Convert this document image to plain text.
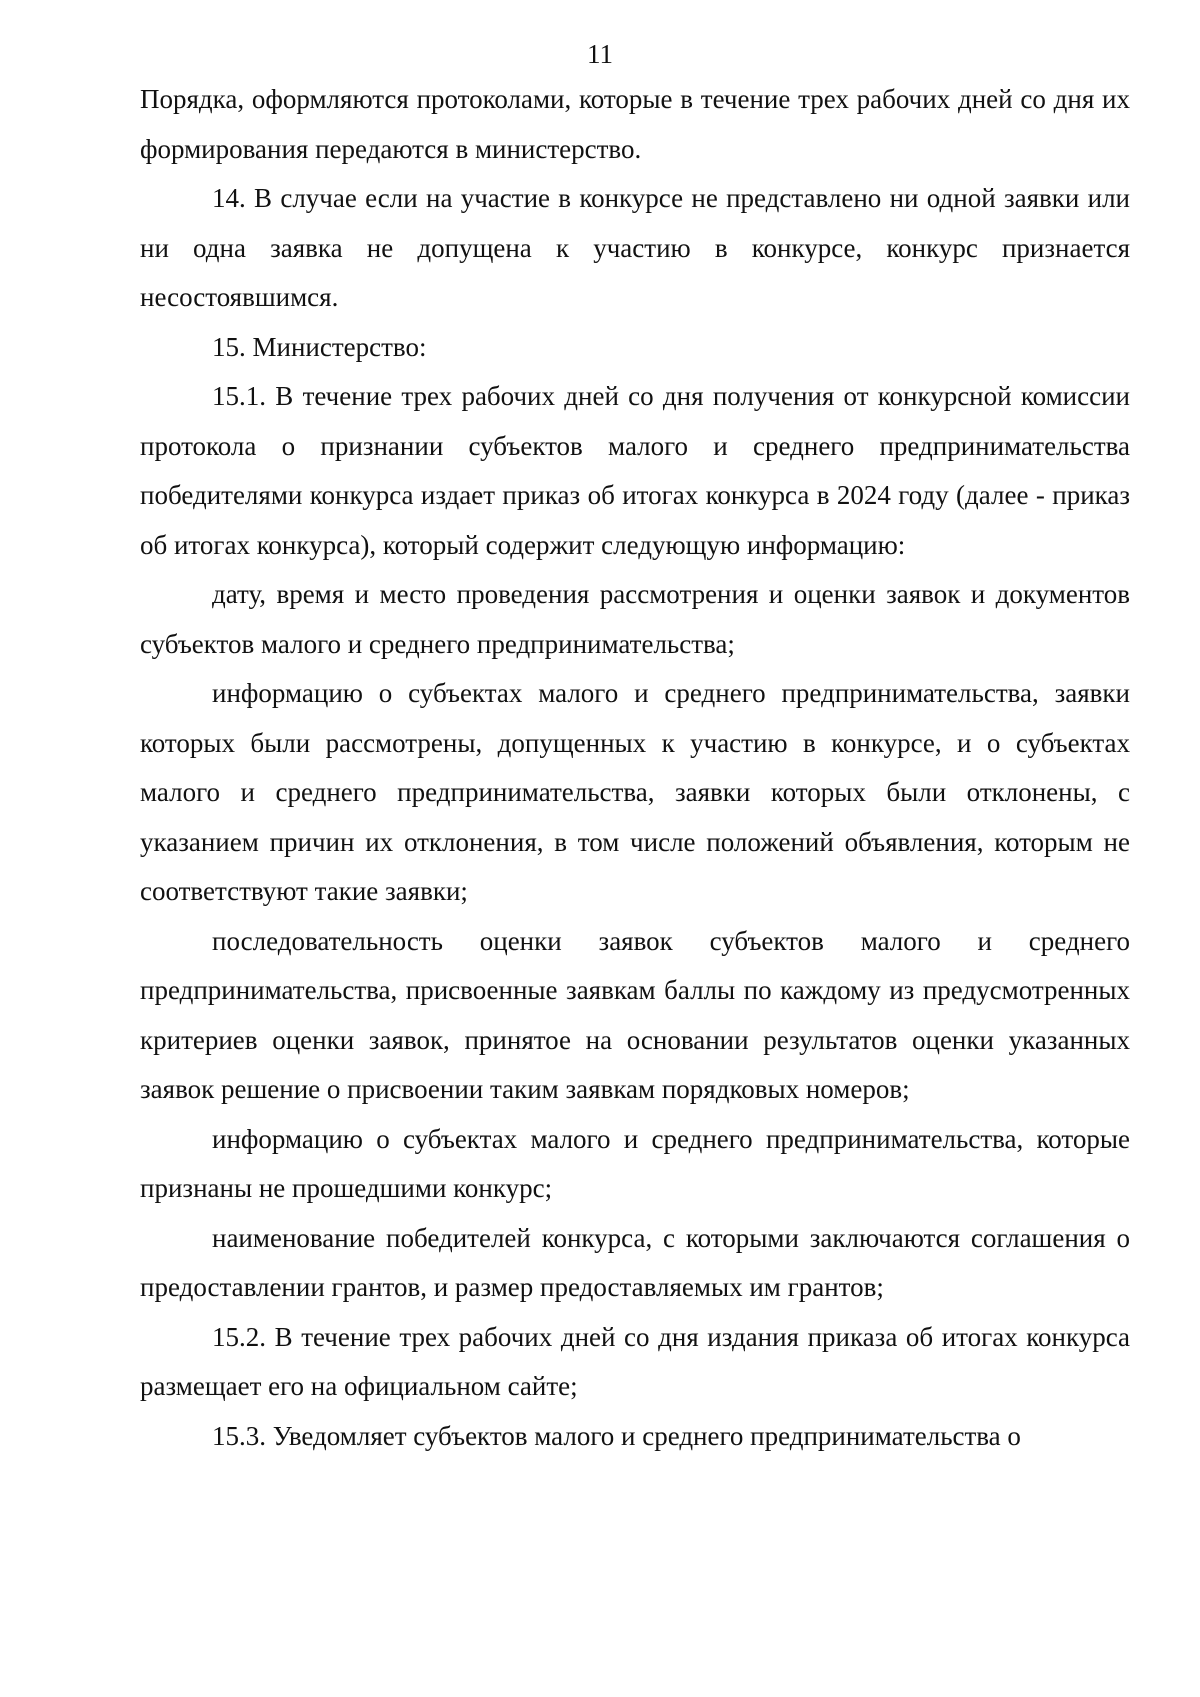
11

Порядка, оформляются протоколами, которые в течение трех рабочих дней со дня их формирования передаются в министерство.

14. В случае если на участие в конкурсе не представлено ни одной заявки или ни одна заявка не допущена к участию в конкурсе, конкурс признается несостоявшимся.

15. Министерство:

15.1. В течение трех рабочих дней со дня получения от конкурсной комиссии протокола о признании субъектов малого и среднего предпринимательства победителями конкурса издает приказ об итогах конкурса в 2024 году (далее - приказ об итогах конкурса), который содержит следующую информацию:

дату, время и место проведения рассмотрения и оценки заявок и документов субъектов малого и среднего предпринимательства;

информацию о субъектах малого и среднего предпринимательства, заявки которых были рассмотрены, допущенных к участию в конкурсе, и о субъектах малого и среднего предпринимательства, заявки которых были отклонены, с указанием причин их отклонения, в том числе положений объявления, которым не соответствуют такие заявки;

последовательность оценки заявок субъектов малого и среднего предпринимательства, присвоенные заявкам баллы по каждому из предусмотренных критериев оценки заявок, принятое на основании результатов оценки указанных заявок решение о присвоении таким заявкам порядковых номеров;

информацию о субъектах малого и среднего предпринимательства, которые признаны не прошедшими конкурс;

наименование победителей конкурса, с которыми заключаются соглашения о предоставлении грантов, и размер предоставляемых им грантов;

15.2. В течение трех рабочих дней со дня издания приказа об итогах конкурса размещает его на официальном сайте;

15.3. Уведомляет субъектов малого и среднего предпринимательства о
